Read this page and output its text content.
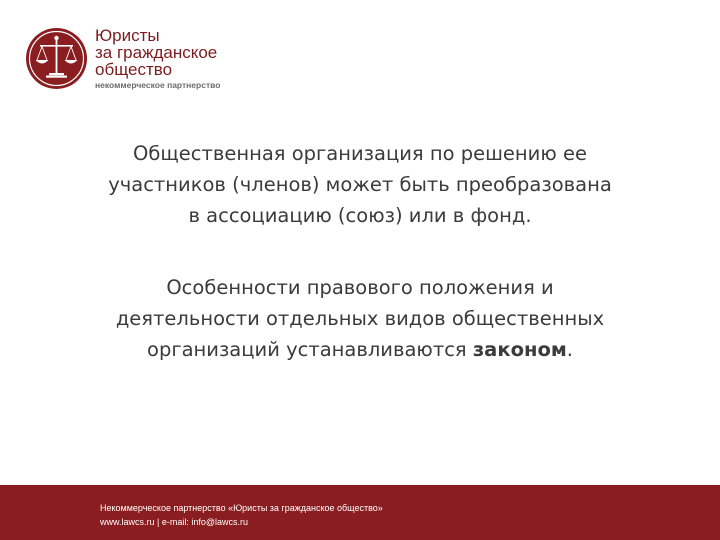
Юристы
за гражданское
общество
некоммерческое партнерство
Общественная организация по решению ее
участников (членов) может быть преобразована
в ассоциацию (союз) или в фонд.
Особенности правового положения и
деятельности отдельных видов общественных
организаций устанавливаются законом.
Некоммерческое партнерство «Юристы за гражданское общество»
www.lawcs.ru | e-mail: info@lawcs.ru
